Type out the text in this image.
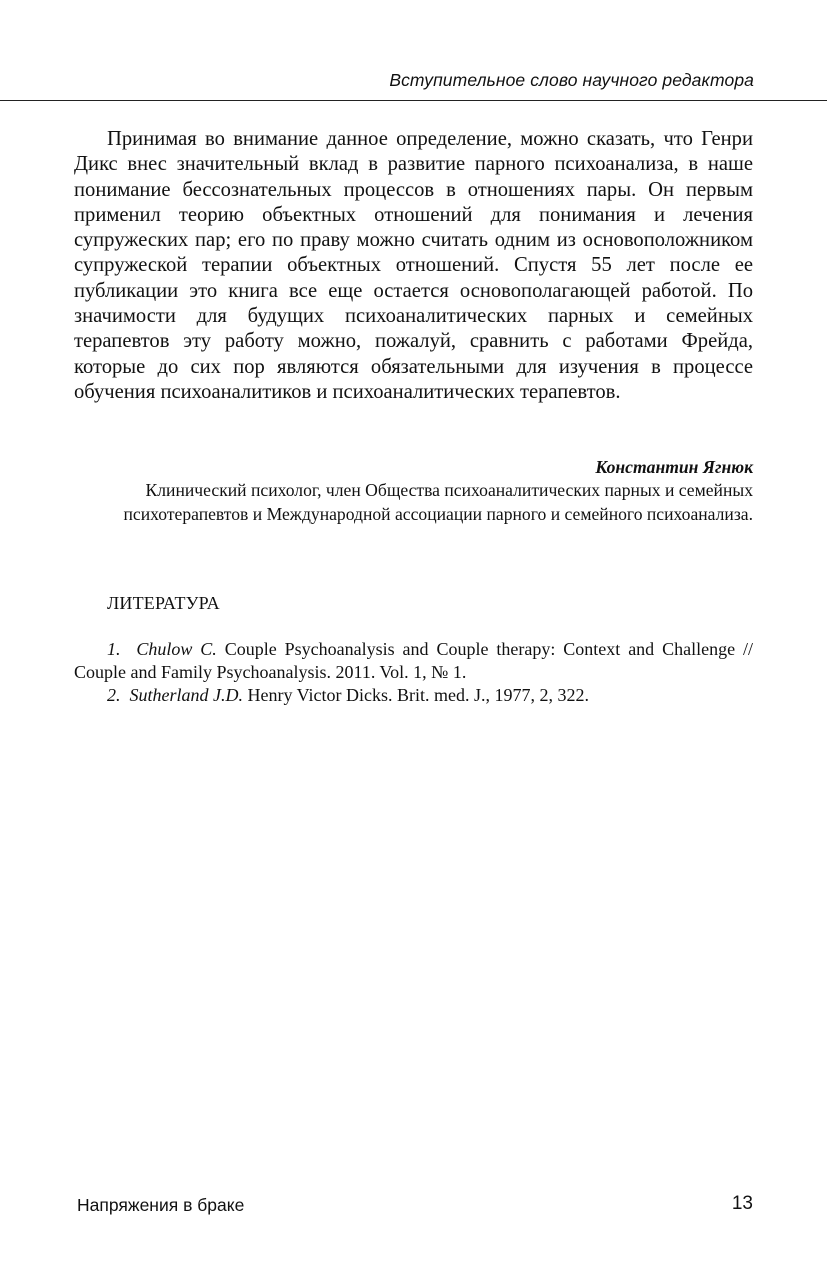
Вступительное слово научного редактора

Принимая во внимание данное определение, можно сказать, что Генри Дикс внес значительный вклад в развитие парного психоанализа, в наше понимание бессознательных процессов в отношениях пары. Он первым применил теорию объектных отношений для понимания и лечения супружеских пар; его по праву можно считать одним из основоположником супружеской терапии объектных отношений. Спустя 55 лет после ее публикации это книга все еще остается основополагающей работой. По значимости для будущих психоаналитических парных и семейных терапевтов эту работу можно, пожалуй, сравнить с работами Фрейда, которые до сих пор являются обязательными для изучения в процессе обучения психоаналитиков и психоаналитических терапевтов.

Константин Ягнюк

Клинический психолог, член Общества психоаналитических парных и семейных психотерапевтов и Международной ассоциации парного и семейного психоанализа.

ЛИТЕРАТУРА
1. Chulow C. Couple Psychoanalysis and Couple therapy: Context and Challenge // Couple and Family Psychoanalysis. 2011. Vol. 1, № 1.
2. Sutherland J.D. Henry Victor Dicks. Brit. med. J., 1977, 2, 322.
Напряжения в браке	13
